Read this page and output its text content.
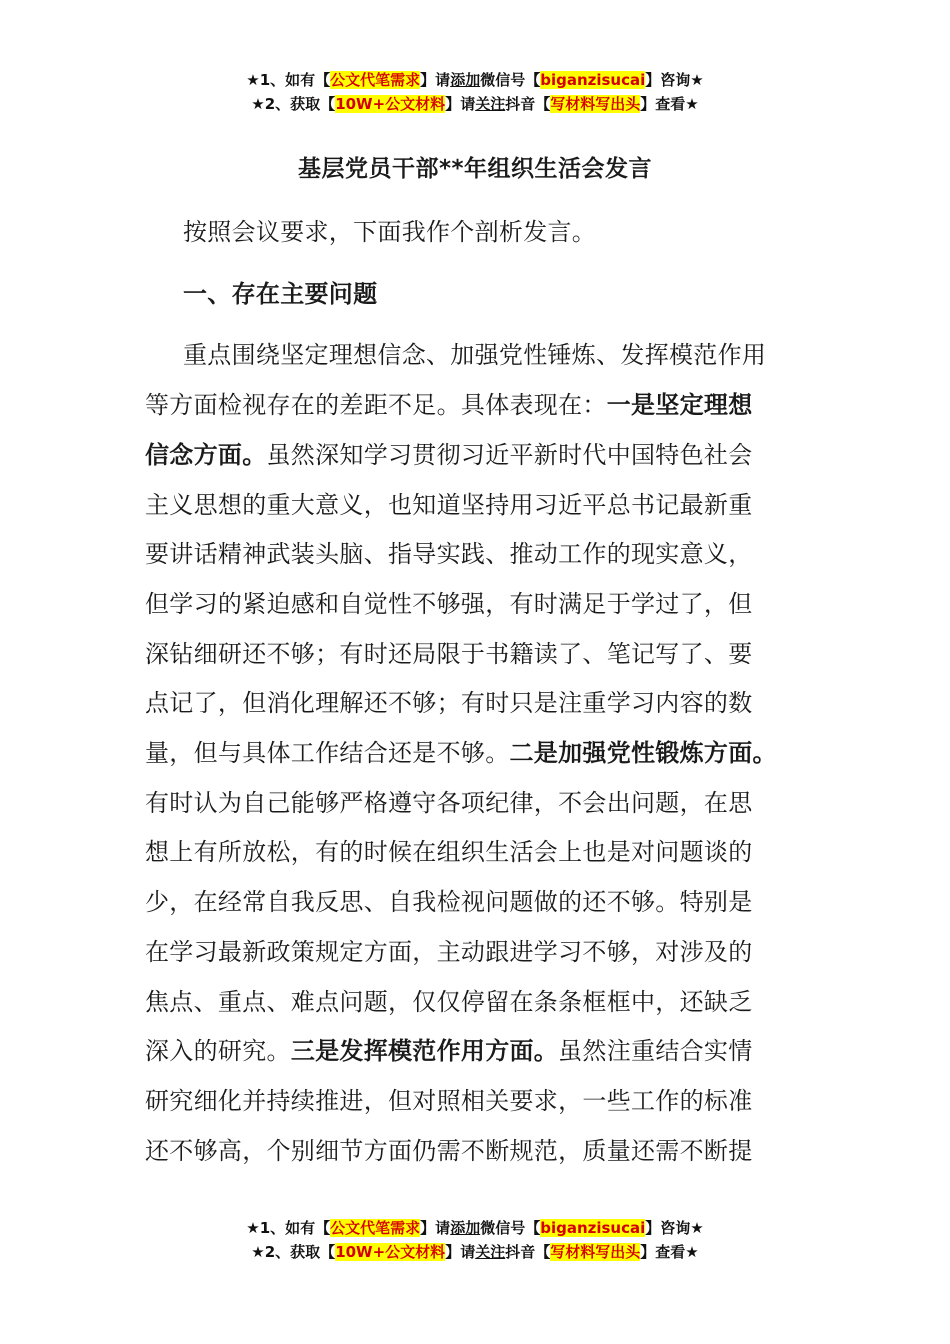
★1、如有【公文代笔需求】请添加微信号【biganzisucai】咨询★
★2、获取【10W+公文材料】请关注抖音【写材料写出头】查看★
基层党员干部**年组织生活会发言

按照会议要求，下面我作个剖析发言。

一、存在主要问题

重点围绕坚定理想信念、加强党性锤炼、发挥模范作用
等方面检视存在的差距不足。具体表现在：一是坚定理想
信念方面。虽然深知学习贯彻习近平新时代中国特色社会
主义思想的重大意义，也知道坚持用习近平总书记最新重
要讲话精神武装头脑、指导实践、推动工作的现实意义，
但学习的紧迫感和自觉性不够强，有时满足于学过了，但
深钻细研还不够；有时还局限于书籍读了、笔记写了、要
点记了，但消化理解还不够；有时只是注重学习内容的数
量，但与具体工作结合还是不够。二是加强党性锻炼方面。
有时认为自己能够严格遵守各项纪律，不会出问题，在思
想上有所放松，有的时候在组织生活会上也是对问题谈的
少，在经常自我反思、自我检视问题做的还不够。特别是
在学习最新政策规定方面，主动跟进学习不够，对涉及的
焦点、重点、难点问题，仅仅停留在条条框框中，还缺乏
深入的研究。三是发挥模范作用方面。虽然注重结合实情
研究细化并持续推进，但对照相关要求，一些工作的标准
还不够高，个别细节方面仍需不断规范，质量还需不断提
★1、如有【公文代笔需求】请添加微信号【biganzisucai】咨询★
★2、获取【10W+公文材料】请关注抖音【写材料写出头】查看★
